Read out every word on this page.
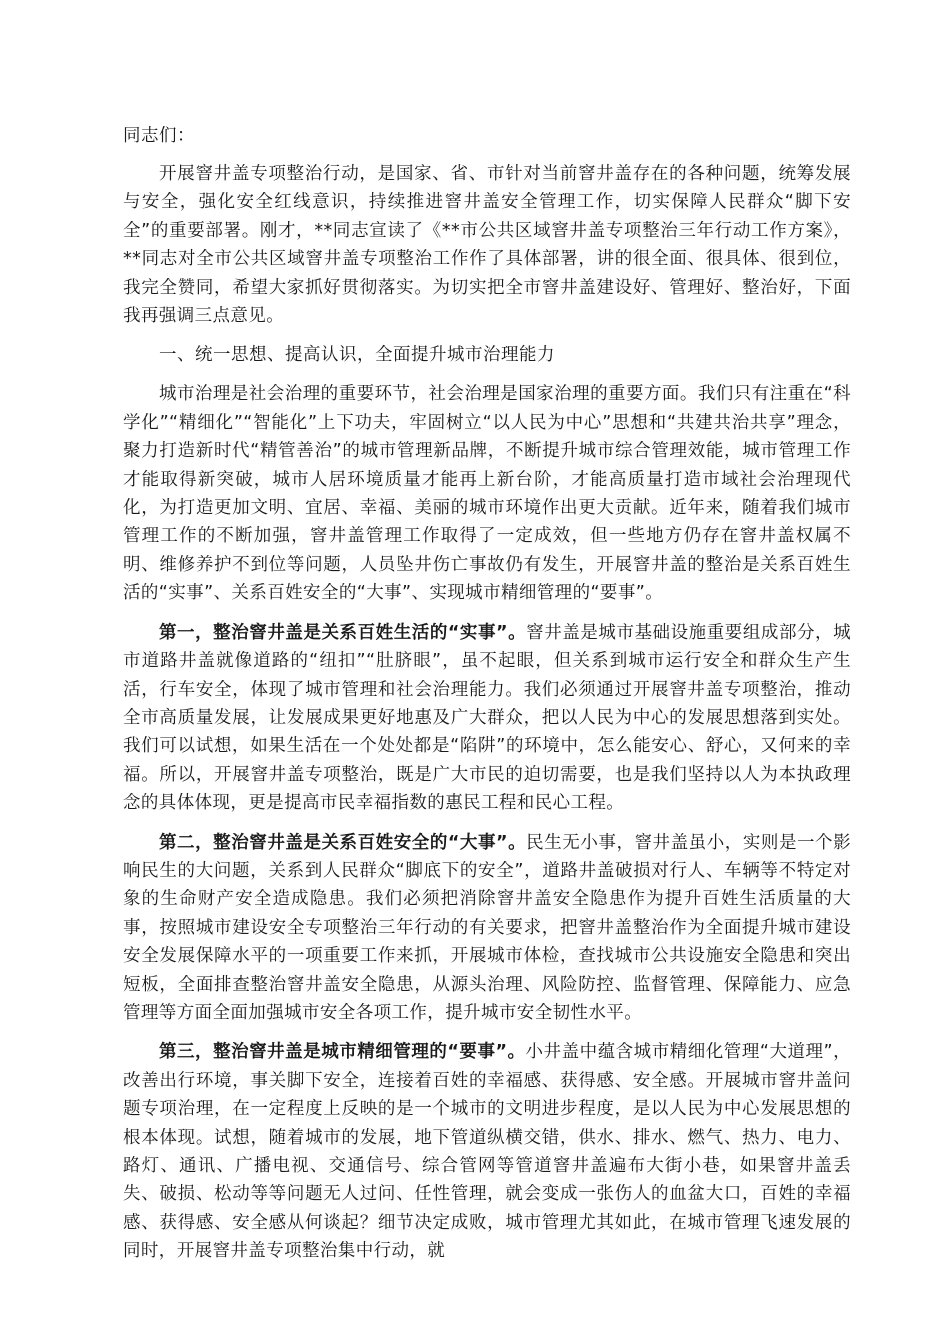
同志们：

开展窨井盖专项整治行动，是国家、省、市针对当前窨井盖存在的各种问题，统筹发展与安全，强化安全红线意识，持续推进窨井盖安全管理工作，切实保障人民群众“脚下安全”的重要部署。刚才，**同志宣读了《**市公共区域窨井盖专项整治三年行动工作方案》，**同志对全市公共区域窨井盖专项整治工作作了具体部署，讲的很全面、很具体、很到位，我完全赞同，希望大家抓好贯彻落实。为切实把全市窨井盖建设好、管理好、整治好，下面我再强调三点意见。

一、统一思想、提高认识，全面提升城市治理能力

城市治理是社会治理的重要环节，社会治理是国家治理的重要方面。我们只有注重在“科学化”“精细化”“智能化”上下功夫，牢固树立“以人民为中心”思想和“共建共治共享”理念，聚力打造新时代“精管善治”的城市管理新品牌，不断提升城市综合管理效能，城市管理工作才能取得新突破，城市人居环境质量才能再上新台阶，才能高质量打造市域社会治理现代化，为打造更加文明、宜居、幸福、美丽的城市环境作出更大贡献。近年来，随着我们城市管理工作的不断加强，窨井盖管理工作取得了一定成效，但一些地方仍存在窨井盖权属不明、维修养护不到位等问题，人员坠井伤亡事故仍有发生，开展窨井盖的整治是关系百姓生活的“实事”、关系百姓安全的“大事”、实现城市精细管理的“要事”。

第一，整治窨井盖是关系百姓生活的“实事”。窨井盖是城市基础设施重要组成部分，城市道路井盖就像道路的“纽扣”“肚脐眼”，虽不起眼，但关系到城市运行安全和群众生产生活，行车安全，体现了城市管理和社会治理能力。我们必须通过开展窨井盖专项整治，推动全市高质量发展，让发展成果更好地惠及广大群众，把以人民为中心的发展思想落到实处。我们可以试想，如果生活在一个处处都是“陷阱”的环境中，怎么能安心、舒心，又何来的幸福。所以，开展窨井盖专项整治，既是广大市民的迫切需要，也是我们坚持以人为本执政理念的具体体现，更是提高市民幸福指数的惠民工程和民心工程。

第二，整治窨井盖是关系百姓安全的“大事”。民生无小事，窨井盖虽小，实则是一个影响民生的大问题，关系到人民群众“脚底下的安全”，道路井盖破损对行人、车辆等不特定对象的生命财产安全造成隐患。我们必须把消除窨井盖安全隐患作为提升百姓生活质量的大事，按照城市建设安全专项整治三年行动的有关要求，把窨井盖整治作为全面提升城市建设安全发展保障水平的一项重要工作来抓，开展城市体检，查找城市公共设施安全隐患和突出短板，全面排查整治窨井盖安全隐患，从源头治理、风险防控、监督管理、保障能力、应急管理等方面全面加强城市安全各项工作，提升城市安全韧性水平。

第三，整治窨井盖是城市精细管理的“要事”。小井盖中蕴含城市精细化管理“大道理”，改善出行环境，事关脚下安全，连接着百姓的幸福感、获得感、安全感。开展城市窨井盖问题专项治理，在一定程度上反映的是一个城市的文明进步程度，是以人民为中心发展思想的根本体现。试想，随着城市的发展，地下管道纵横交错，供水、排水、燃气、热力、电力、路灯、通讯、广播电视、交通信号、综合管网等管道窨井盖遍布大街小巷，如果窨井盖丢失、破损、松动等等问题无人过问、任性管理，就会变成一张伤人的血盆大口，百姓的幸福感、获得感、安全感从何谈起？细节决定成败，城市管理尤其如此，在城市管理飞速发展的同时，开展窨井盖专项整治集中行动，就
